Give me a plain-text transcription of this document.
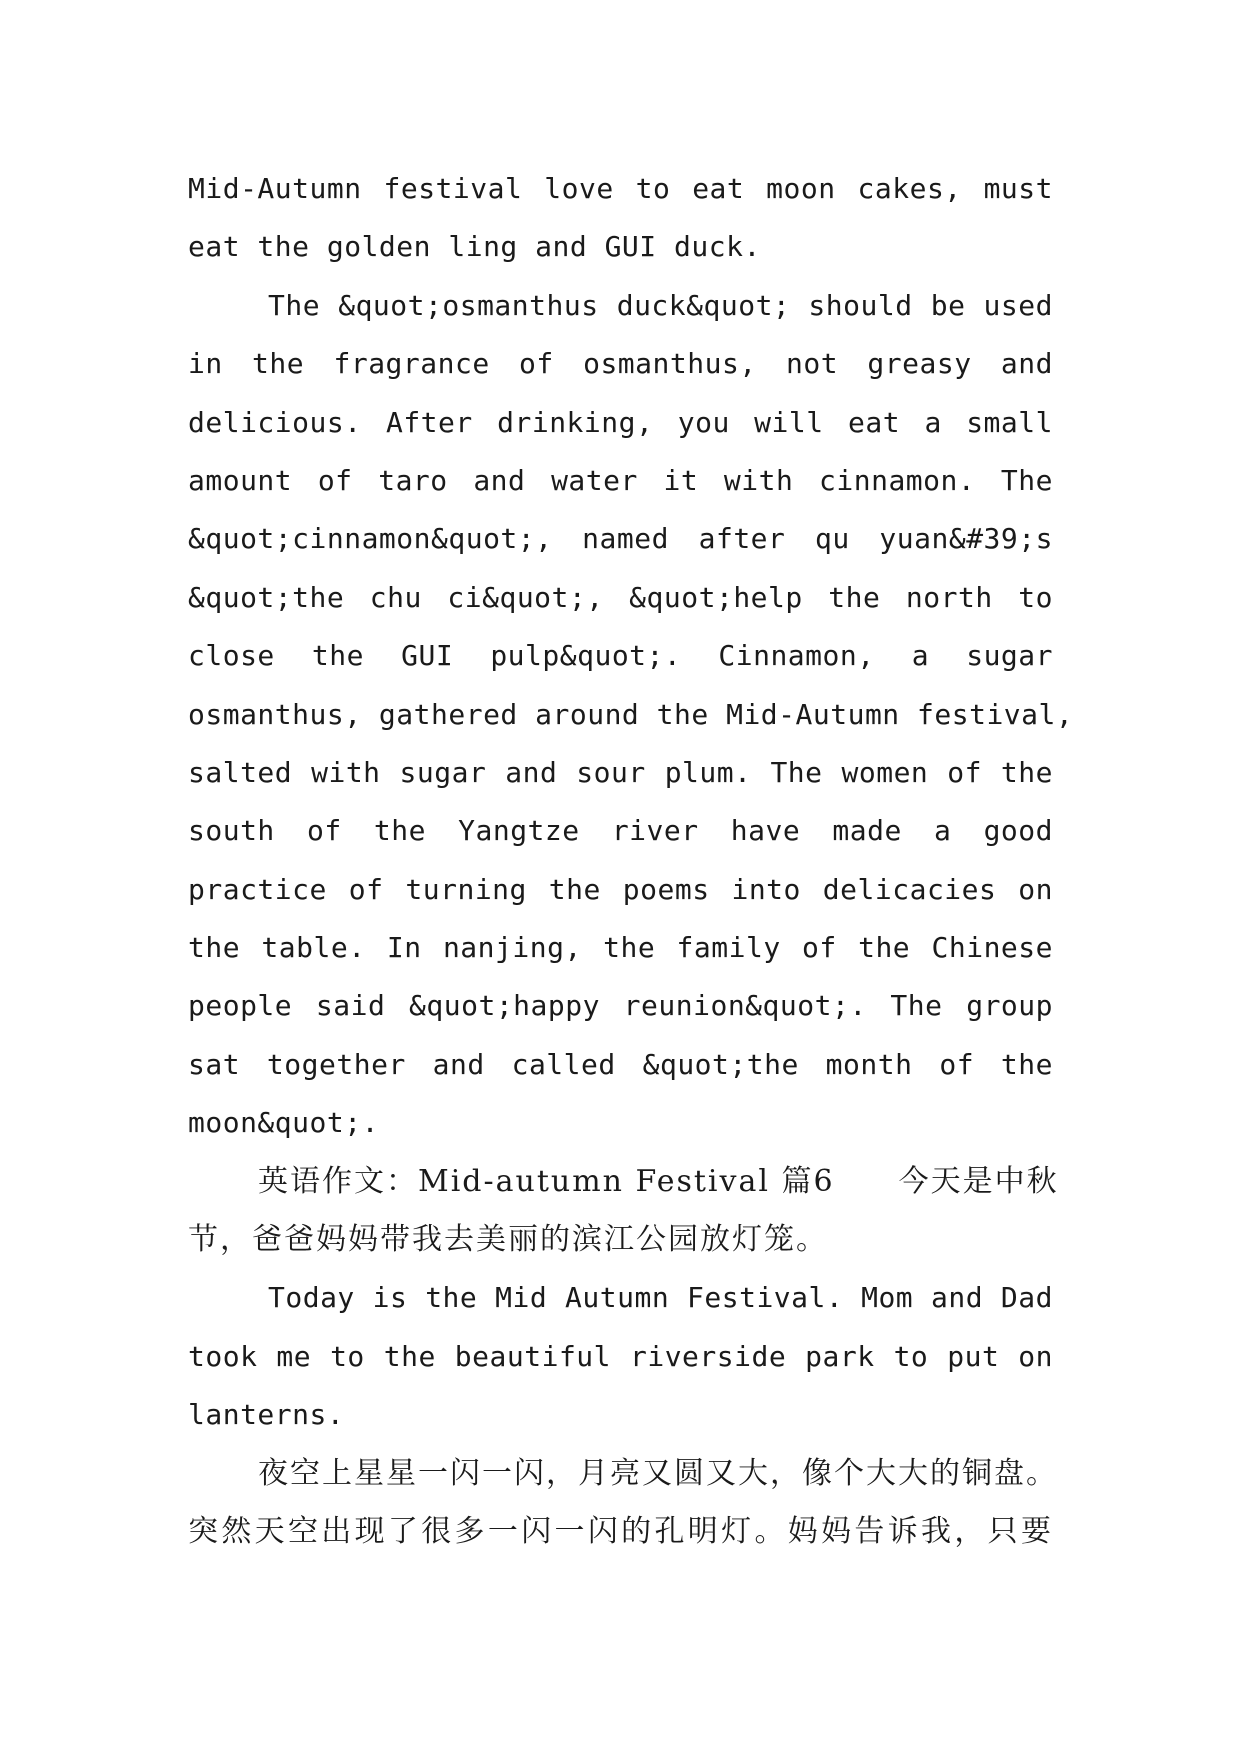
Mid-Autumn festival love to eat moon cakes, must
eat the golden ling and GUI duck.
The &quot;osmanthus duck&quot; should be used
in the fragrance of osmanthus, not greasy and
delicious. After drinking, you will eat a small
amount of taro and water it with cinnamon. The
&quot;cinnamon&quot;, named after qu yuan&#39;s
&quot;the chu ci&quot;, &quot;help the north to
close the GUI pulp&quot;. Cinnamon, a sugar
osmanthus, gathered around the Mid-Autumn festival,
salted with sugar and sour plum. The women of the
south of the Yangtze river have made a good
practice of turning the poems into delicacies on
the table. In nanjing, the family of the Chinese
people said &quot;happy reunion&quot;. The group
sat together and called &quot;the month of the
moon&quot;.
英语作文：Mid-autumn Festival 篇6　　今天是中秋
节，爸爸妈妈带我去美丽的滨江公园放灯笼。
Today is the Mid Autumn Festival. Mom and Dad
took me to the beautiful riverside park to put on
lanterns.
夜空上星星一闪一闪，月亮又圆又大，像个大大的铜盘。
突然天空出现了很多一闪一闪的孔明灯。妈妈告诉我，只要
